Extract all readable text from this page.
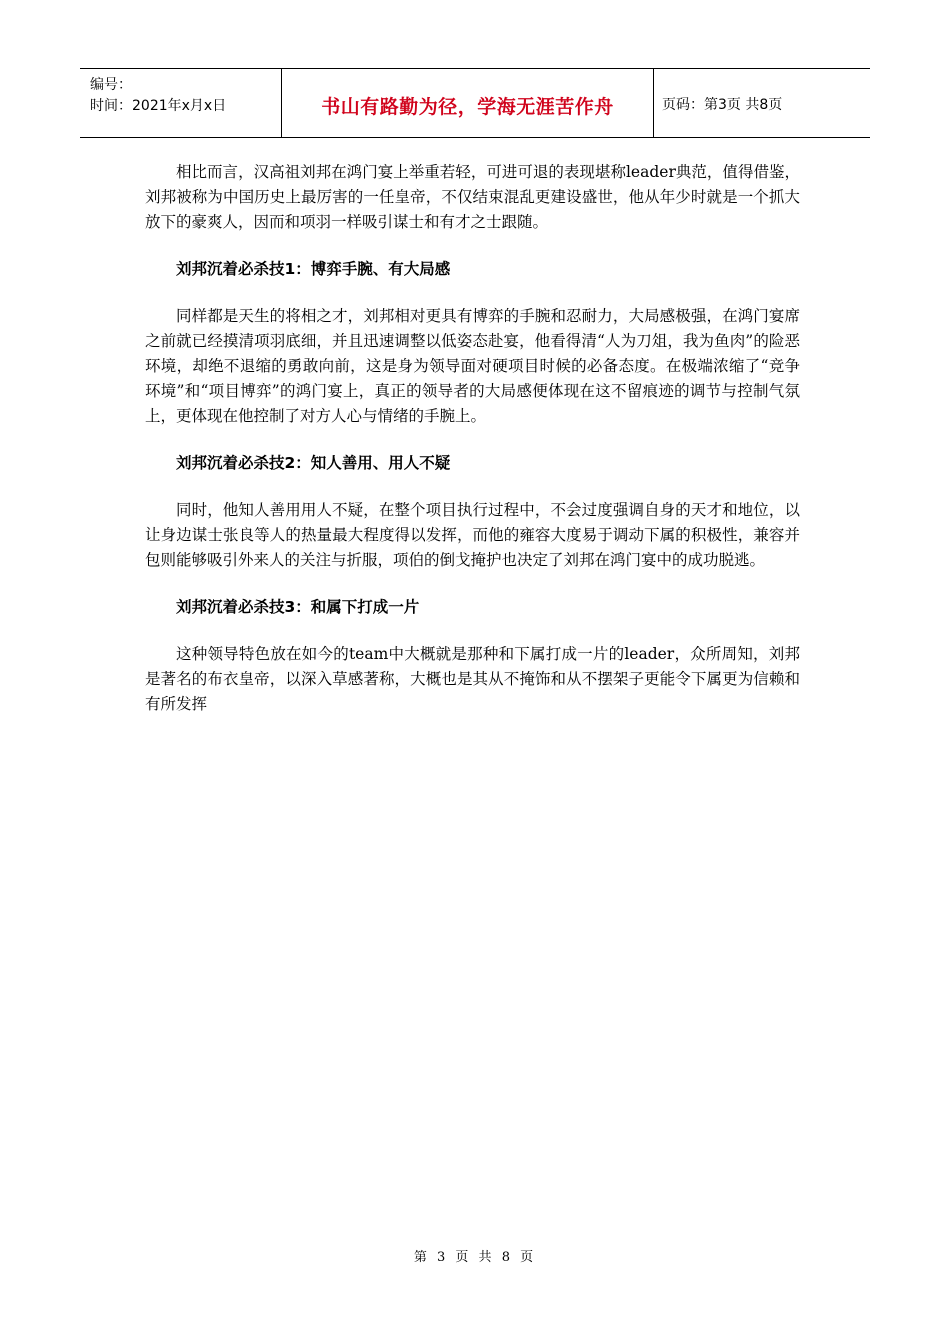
编号：
时间：2021年x月x日	书山有路勤为径，学海无涯苦作舟	页码：第3页 共8页

相比而言，汉高祖刘邦在鸿门宴上举重若轻，可进可退的表现堪称leader典范，值得借鉴，刘邦被称为中国历史上最厉害的一任皇帝，不仅结束混乱更建设盛世，他从年少时就是一个抓大放下的豪爽人，因而和项羽一样吸引谋士和有才之士跟随。

刘邦沉着必杀技1：博弈手腕、有大局感

同样都是天生的将相之才，刘邦相对更具有博弈的手腕和忍耐力，大局感极强，在鸿门宴席之前就已经摸清项羽底细，并且迅速调整以低姿态赴宴，他看得清“人为刀俎，我为鱼肉”的险恶环境，却绝不退缩的勇敢向前，这是身为领导面对硬项目时候的必备态度。在极端浓缩了“竞争环境”和“项目博弈”的鸿门宴上，真正的领导者的大局感便体现在这不留痕迹的调节与控制气氛上，更体现在他控制了对方人心与情绪的手腕上。

刘邦沉着必杀技2：知人善用、用人不疑

同时，他知人善用用人不疑，在整个项目执行过程中，不会过度强调自身的天才和地位，以让身边谋士张良等人的热量最大程度得以发挥，而他的雍容大度易于调动下属的积极性，兼容并包则能够吸引外来人的关注与折服，项伯的倒戈掩护也决定了刘邦在鸿门宴中的成功脱逃。

刘邦沉着必杀技3：和属下打成一片

这种领导特色放在如今的team中大概就是那种和下属打成一片的leader，众所周知，刘邦是著名的布衣皇帝，以深入草感著称，大概也是其从不掩饰和从不摆架子更能令下属更为信赖和有所发挥

第 3 页 共 8 页
